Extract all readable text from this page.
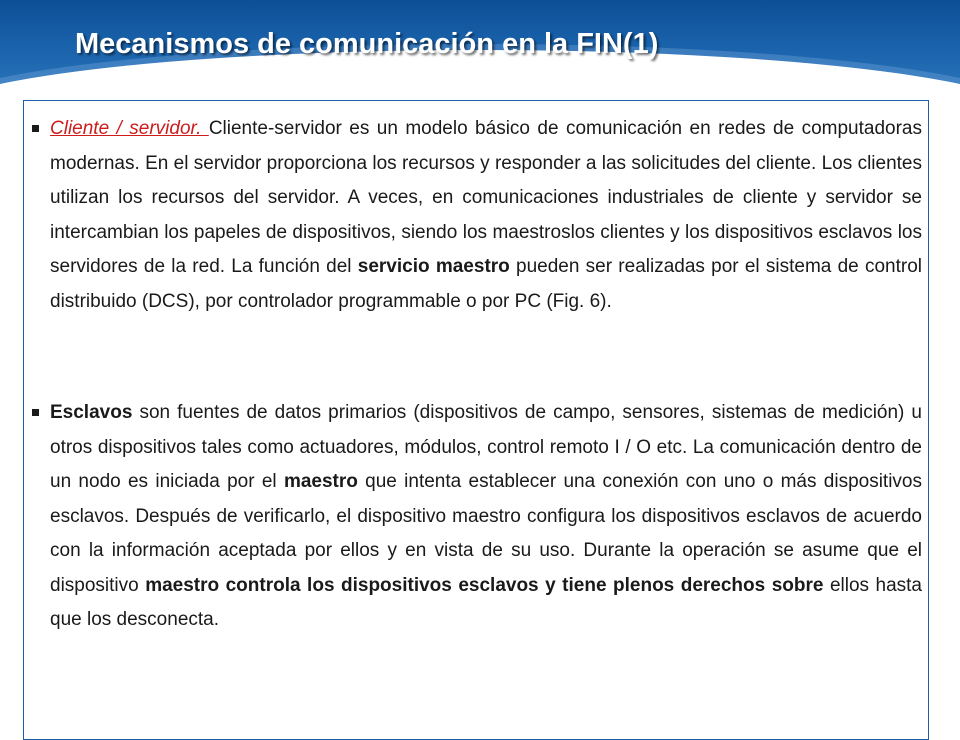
Mecanismos de comunicación en la FIN(1)
Cliente / servidor. Cliente-servidor es un modelo básico de comunicación en redes de computadoras modernas. En el servidor proporciona los recursos y responder a las solicitudes del cliente. Los clientes utilizan los recursos del servidor. A veces, en comunicaciones industriales de cliente y servidor se intercambian los papeles de dispositivos, siendo los maestroslos clientes y los dispositivos esclavos los servidores de la red. La función del servicio maestro pueden ser realizadas por el sistema de control distribuido (DCS), por controlador programmable o por PC (Fig. 6).
Esclavos son fuentes de datos primarios (dispositivos de campo, sensores, sistemas de medición) u otros dispositivos tales como actuadores, módulos, control remoto I / O etc. La comunicación dentro de un nodo es iniciada por el maestro que intenta establecer una conexión con uno o más dispositivos esclavos. Después de verificarlo, el dispositivo maestro configura los dispositivos esclavos de acuerdo con la información aceptada por ellos y en vista de su uso. Durante la operación se asume que el dispositivo maestro controla los dispositivos esclavos y tiene plenos derechos sobre ellos hasta que los desconecta.
